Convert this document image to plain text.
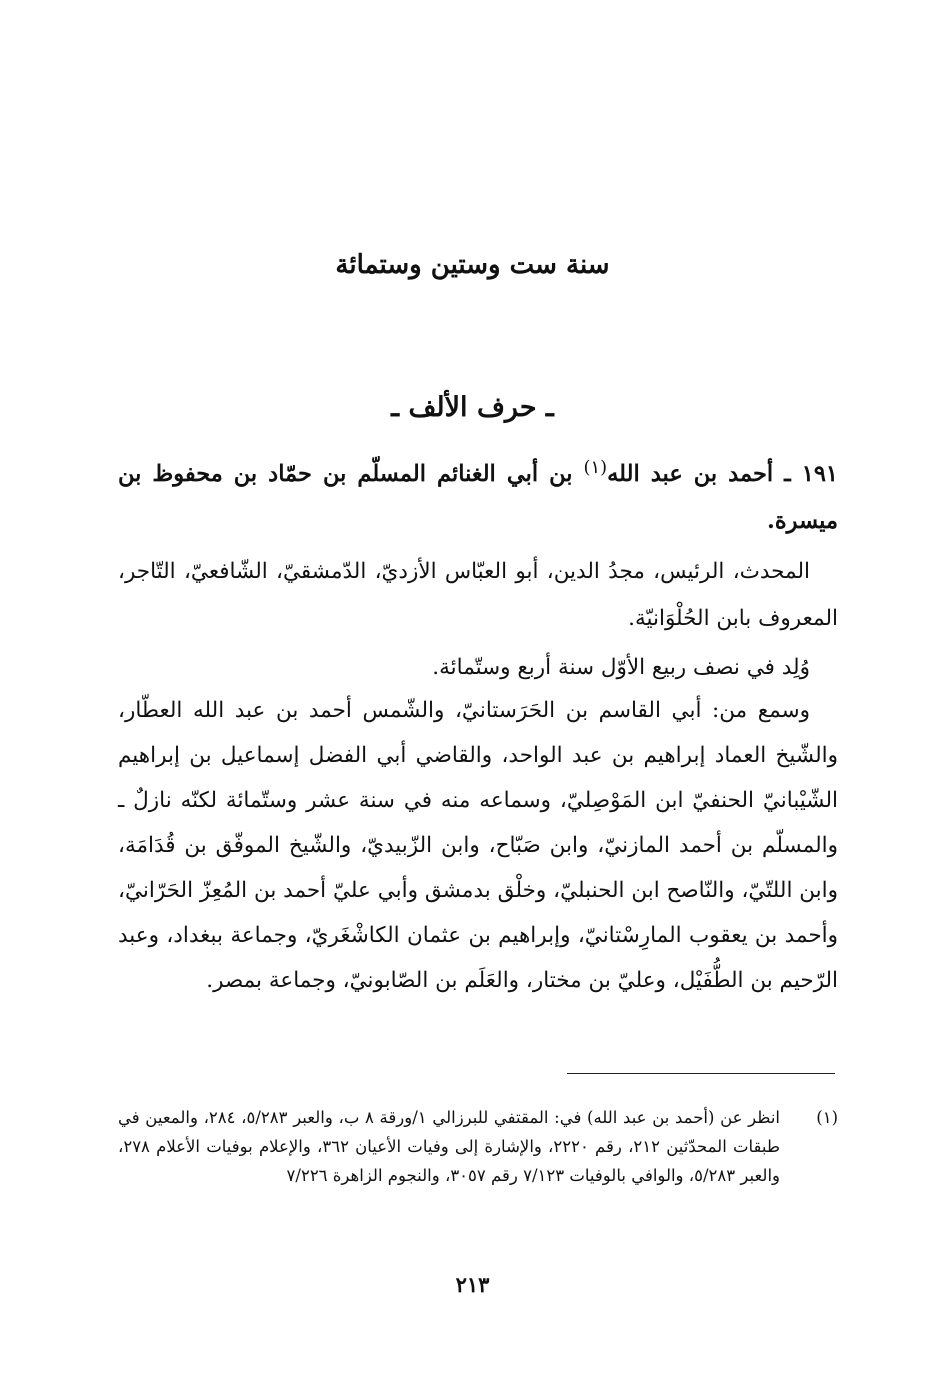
سنة ست وستين وستمائة
ـ حرف الألف ـ
١٩١ ـ أحمد بن عبد الله$^{(١)}$ بن أبي الغنائم المسلّم بن حمّاد بن محفوظ بن ميسرة.
المحدث، الرئيس، مجدُ الدين، أبو العبّاس الأزديّ، الدّمشقيّ، الشّافعيّ، التّاجر، المعروف بابن الحُلْوَانيّة.
وُلِد في نصف ربيع الأوّل سنة أربع وستّمائة.
وسمع من: أبي القاسم بن الحَرَستانيّ، والشّمس أحمد بن عبد الله العطّار، والشّيخ العماد إبراهيم بن عبد الواحد، والقاضي أبي الفضل إسماعيل بن إبراهيم الشّيْبانيّ الحنفيّ ابن المَوْصِليّ، وسماعه منه في سنة عشر وستّمائة لكنّه نازلٌ ـ والمسلّم بن أحمد المازنيّ، وابن صَبّاح، وابن الزّبيديّ، والشّيخ الموفّق بن قُدَامَة، وابن اللتّيّ، والنّاصح ابن الحنبليّ، وخلْق بدمشق وأبي عليّ أحمد بن المُعِزّ الحَرّانيّ، وأحمد بن يعقوب المارِسْتانيّ، وإبراهيم بن عثمان الكاشْغَريّ، وجماعة ببغداد، وعبد الرّحيم بن الطُّفَيْل، وعليّ بن مختار، والعَلَم بن الصّابونيّ، وجماعة بمصر.
(١)
انظر عن (أحمد بن عبد الله) في: المقتفي للبرزالي ١/ورقة ٨ ب، والعبر ٥/٢٨٣، ٢٨٤، والمعين في طبقات المحدّثين ٢١٢، رقم ٢٢٢٠، والإشارة إلى وفيات الأعيان ٣٦٢، والإعلام بوفيات الأعلام ٢٧٨، والعبر ٥/٢٨٣، والوافي بالوفيات ٧/١٢٣ رقم ٣٠٥٧، والنجوم الزاهرة ٧/٢٢٦
٢١٣
